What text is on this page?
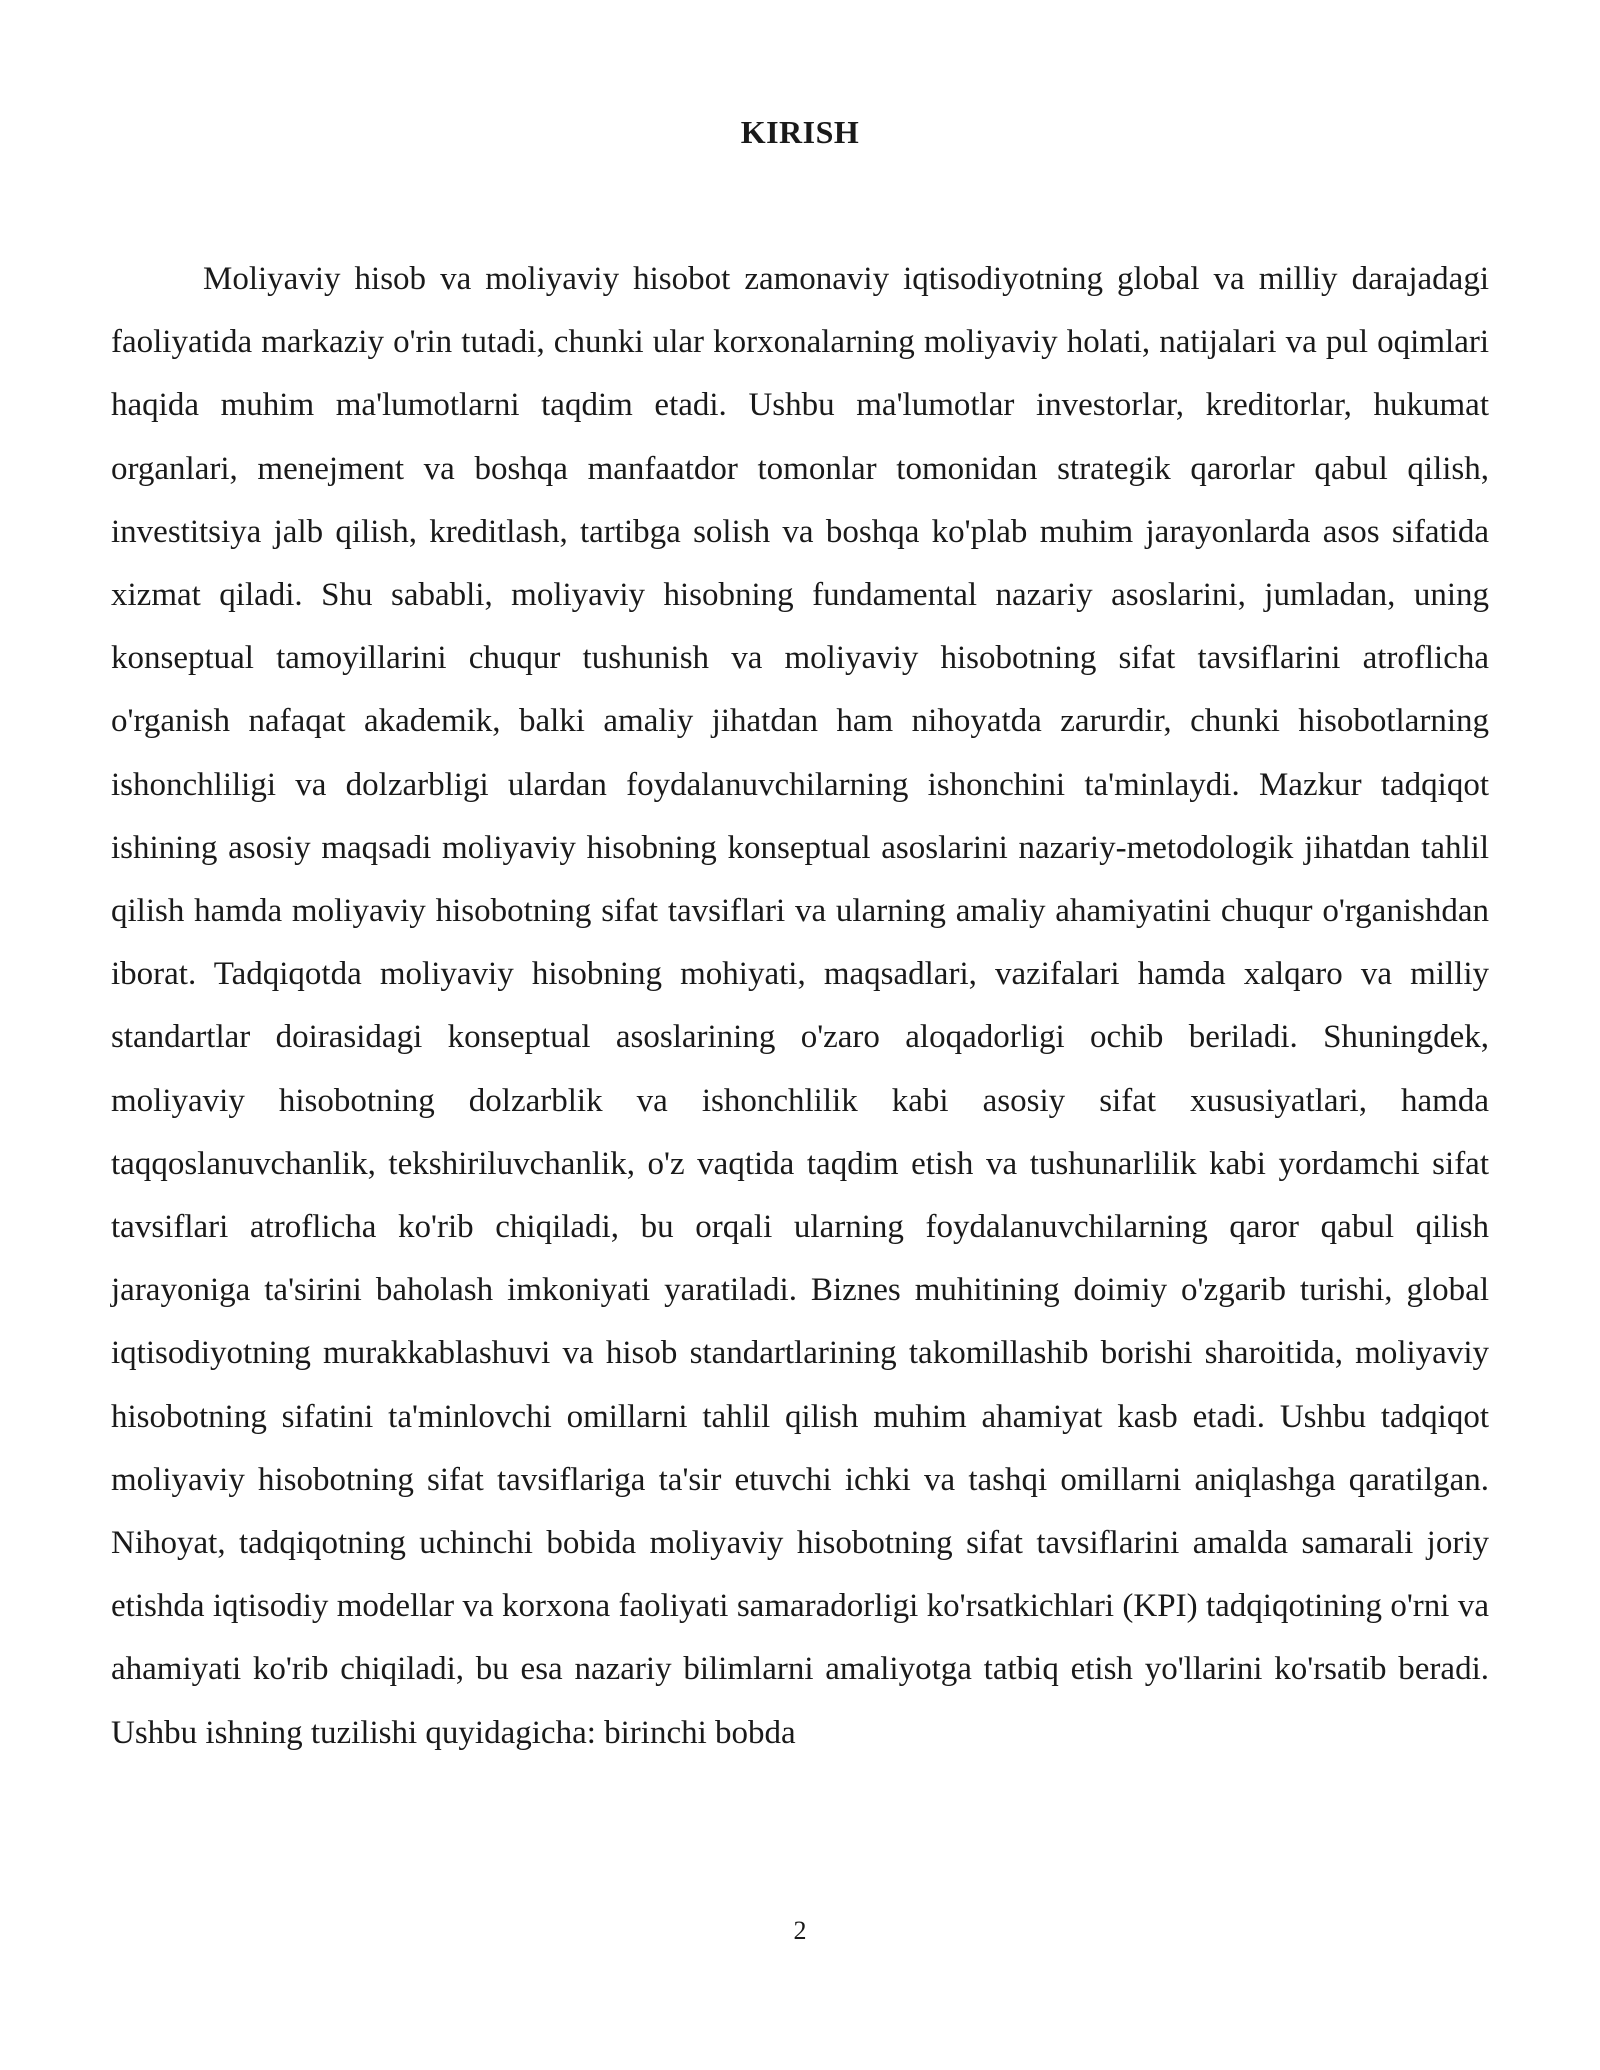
KIRISH

Moliyaviy hisob va moliyaviy hisobot zamonaviy iqtisodiyotning global va milliy darajadagi faoliyatida markaziy o'rin tutadi, chunki ular korxonalarning moliyaviy holati, natijalari va pul oqimlari haqida muhim ma'lumotlarni taqdim etadi. Ushbu ma'lumotlar investorlar, kreditorlar, hukumat organlari, menejment va boshqa manfaatdor tomonlar tomonidan strategik qarorlar qabul qilish, investitsiya jalb qilish, kreditlash, tartibga solish va boshqa ko'plab muhim jarayonlarda asos sifatida xizmat qiladi. Shu sababli, moliyaviy hisobning fundamental nazariy asoslarini, jumladan, uning konseptual tamoyillarini chuqur tushunish va moliyaviy hisobotning sifat tavsiflarini atroflicha o'rganish nafaqat akademik, balki amaliy jihatdan ham nihoyatda zarurdir, chunki hisobotlarning ishonchliligi va dolzarbligi ulardan foydalanuvchilarning ishonchini ta'minlaydi. Mazkur tadqiqot ishining asosiy maqsadi moliyaviy hisobning konseptual asoslarini nazariy-metodologik jihatdan tahlil qilish hamda moliyaviy hisobotning sifat tavsiflari va ularning amaliy ahamiyatini chuqur o'rganishdan iborat. Tadqiqotda moliyaviy hisobning mohiyati, maqsadlari, vazifalari hamda xalqaro va milliy standartlar doirasidagi konseptual asoslarining o'zaro aloqadorligi ochib beriladi. Shuningdek, moliyaviy hisobotning dolzarblik va ishonchlilik kabi asosiy sifat xususiyatlari, hamda taqqoslanuvchanlik, tekshiriluvchanlik, o'z vaqtida taqdim etish va tushunarlilik kabi yordamchi sifat tavsiflari atroflicha ko'rib chiqiladi, bu orqali ularning foydalanuvchilarning qaror qabul qilish jarayoniga ta'sirini baholash imkoniyati yaratiladi. Biznes muhitining doimiy o'zgarib turishi, global iqtisodiyotning murakkablashuvi va hisob standartlarining takomillashib borishi sharoitida, moliyaviy hisobotning sifatini ta'minlovchi omillarni tahlil qilish muhim ahamiyat kasb etadi. Ushbu tadqiqot moliyaviy hisobotning sifat tavsiflariga ta'sir etuvchi ichki va tashqi omillarni aniqlashga qaratilgan. Nihoyat, tadqiqotning uchinchi bobida moliyaviy hisobotning sifat tavsiflarini amalda samarali joriy etishda iqtisodiy modellar va korxona faoliyati samaradorligi ko'rsatkichlari (KPI) tadqiqotining o'rni va ahamiyati ko'rib chiqiladi, bu esa nazariy bilimlarni amaliyotga tatbiq etish yo'llarini ko'rsatib beradi. Ushbu ishning tuzilishi quyidagicha: birinchi bobda

2
